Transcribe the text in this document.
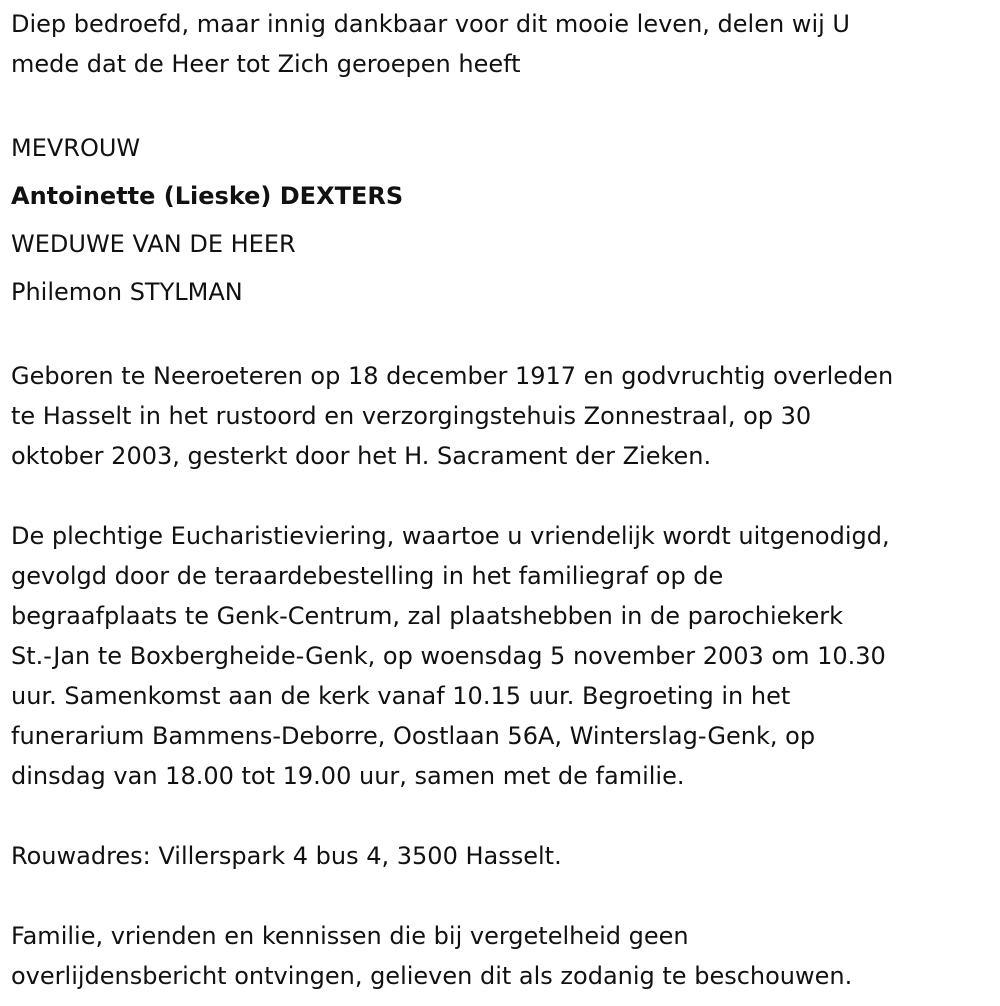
Diep bedroefd, maar innig dankbaar voor dit mooie leven, delen wij U
mede dat de Heer tot Zich geroepen heeft

MEVROUW
Antoinette (Lieske) DEXTERS
WEDUWE VAN DE HEER
Philemon STYLMAN

Geboren te Neeroeteren op 18 december 1917 en godvruchtig overleden
te Hasselt in het rustoord en verzorgingstehuis Zonnestraal, op 30
oktober 2003, gesterkt door het H. Sacrament der Zieken.

De plechtige Eucharistieviering, waartoe u vriendelijk wordt uitgenodigd,
gevolgd door de teraardebestelling in het familiegraf op de
begraafplaats te Genk-Centrum, zal plaatshebben in de parochiekerk
St.-Jan te Boxbergheide-Genk, op woensdag 5 november 2003 om 10.30
uur. Samenkomst aan de kerk vanaf 10.15 uur. Begroeting in het
funerarium Bammens-Deborre, Oostlaan 56A, Winterslag-Genk, op
dinsdag van 18.00 tot 19.00 uur, samen met de familie.

Rouwadres: Villerspark 4 bus 4, 3500 Hasselt.

Familie, vrienden en kennissen die bij vergetelheid geen
overlijdensbericht ontvingen, gelieven dit als zodanig te beschouwen.
